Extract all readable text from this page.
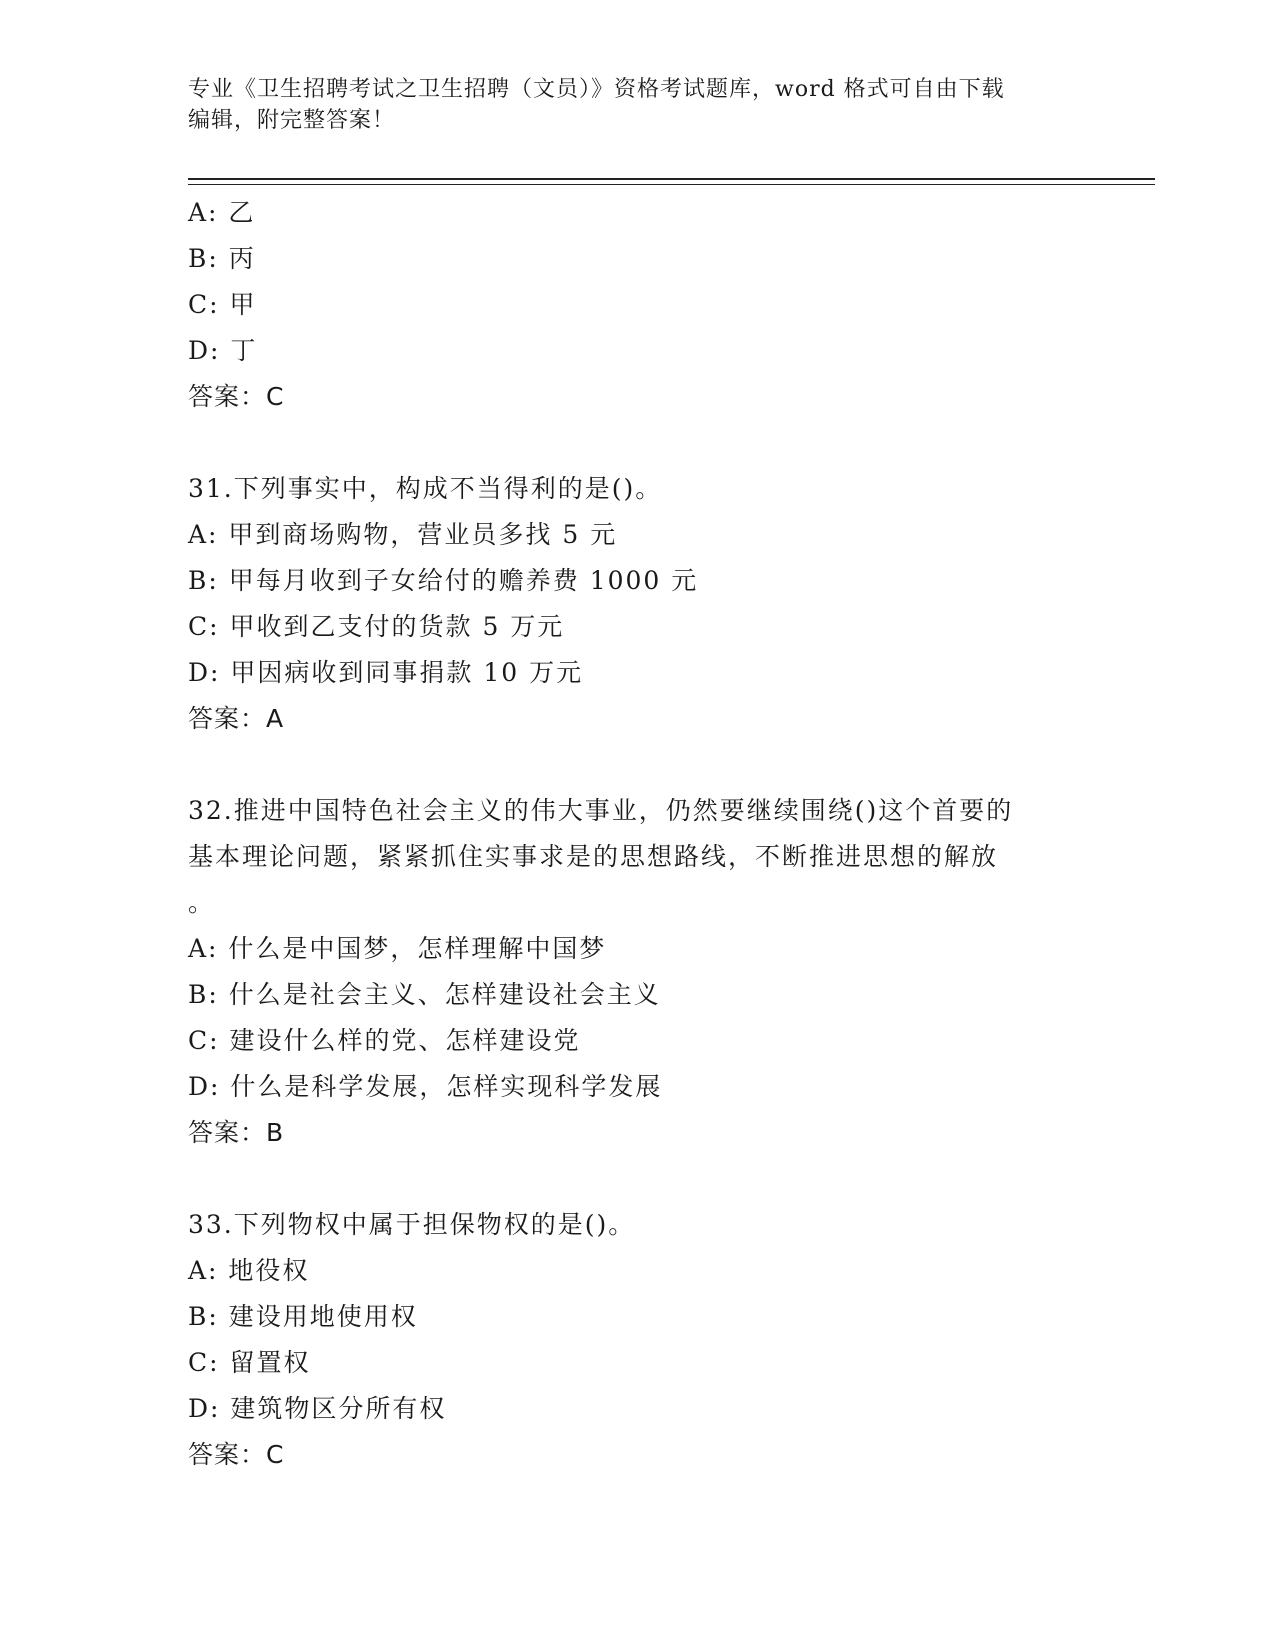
专业《卫生招聘考试之卫生招聘（文员）》资格考试题库，word 格式可自由下载
编辑，附完整答案！
A: 乙
B: 丙
C: 甲
D: 丁
答案：C
31.下列事实中，构成不当得利的是()。
A: 甲到商场购物，营业员多找 5 元
B: 甲每月收到子女给付的赡养费 1000 元
C: 甲收到乙支付的货款 5 万元
D: 甲因病收到同事捐款 10 万元
答案：A
32.推进中国特色社会主义的伟大事业，仍然要继续围绕()这个首要的
基本理论问题，紧紧抓住实事求是的思想路线，不断推进思想的解放
。
A: 什么是中国梦，怎样理解中国梦
B: 什么是社会主义、怎样建设社会主义
C: 建设什么样的党、怎样建设党
D: 什么是科学发展，怎样实现科学发展
答案：B
33.下列物权中属于担保物权的是()。
A: 地役权
B: 建设用地使用权
C: 留置权
D: 建筑物区分所有权
答案：C
